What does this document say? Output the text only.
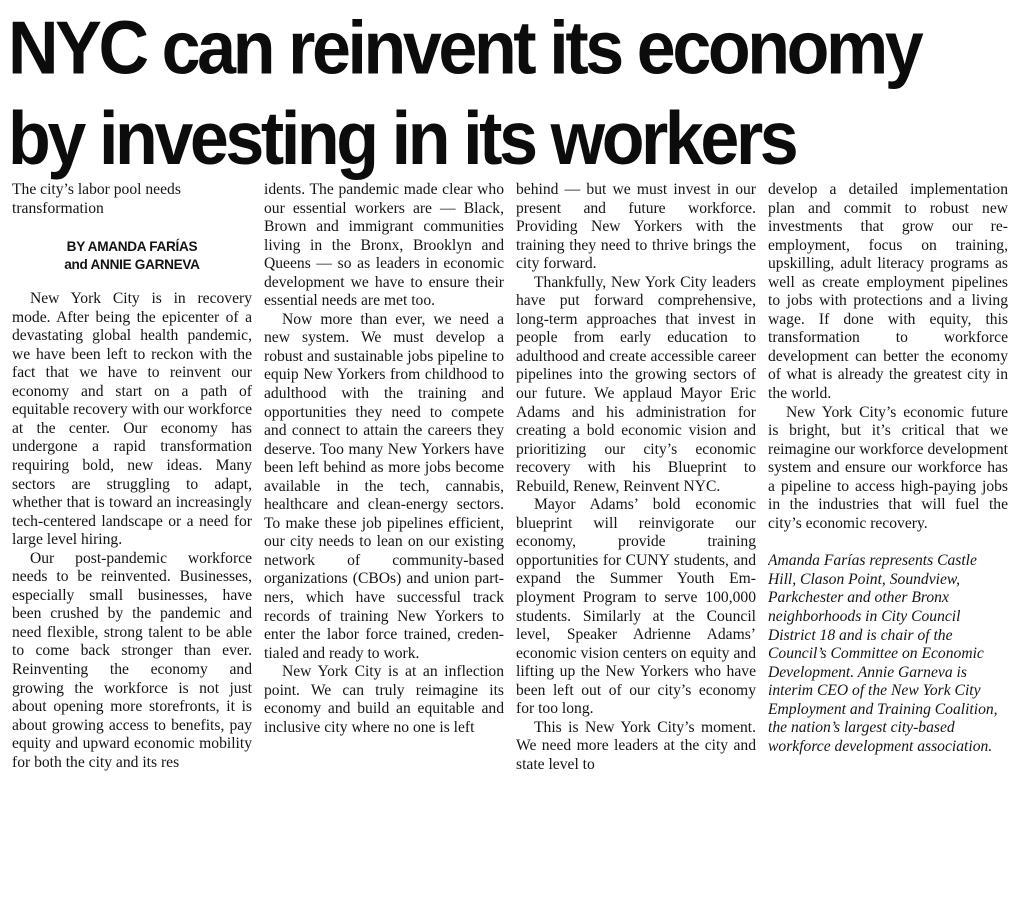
NYC can reinvent its economy
by investing in its workers
The city’s labor pool needs transformation
BY AMANDA FARÍAS
and ANNIE GARNEVA

New York City is in recovery mode. After being the epicenter of a devastating global health pandemic, we have been left to reckon with the fact that we have to reinvent our economy and start on a path of equitable recovery with our workforce at the center. Our economy has undergone a rapid transformation requiring bold, new ideas. Many sectors are struggling to adapt, whether that is toward an increasingly tech-centered landscape or a need for large level hiring.

Our post-pandemic workforce needs to be reinvented. Businesses, especially small businesses, have been crushed by the pandemic and need flexible, strong talent to be able to come back stronger than ever. Reinventing the economy and growing the workforce is not just about opening more storefronts, it is about growing access to benefits, pay equity and upward economic mobility for both the city and its res

idents. The pandemic made clear who our essential workers are — Black, Brown and immigrant communities living in the Bronx, Brooklyn and Queens — so as leaders in economic development we have to ensure their essential needs are met too.

Now more than ever, we need a new system. We must develop a robust and sustainable jobs pipeline to equip New Yorkers from childhood to adulthood with the training and opportunities they need to compete and connect to attain the careers they deserve. Too many New Yorkers have been left behind as more jobs become available in the tech, cannabis, healthcare and clean-energy sectors. To make these job pipelines efficient, our city needs to lean on our existing network of community-based organizations (CBOs) and union partners, which have successful track records of training New Yorkers to enter the labor force trained, credentialed and ready to work.

New York City is at an inflection point. We can truly reimagine its economy and build an equitable and inclusive city where no one is left

behind — but we must invest in our present and future workforce. Providing New Yorkers with the training they need to thrive brings the city forward.

Thankfully, New York City leaders have put forward comprehensive, long-term approaches that invest in people from early education to adulthood and create accessible career pipelines into the growing sectors of our future. We applaud Mayor Eric Adams and his administration for creating a bold economic vision and prioritizing our city’s economic recovery with his Blueprint to Rebuild, Renew, Reinvent NYC.

Mayor Adams’ bold economic blueprint will reinvigorate our economy, provide training opportunities for CUNY students, and expand the Summer Youth Employment Program to serve 100,000 students. Similarly at the Council level, Speaker Adrienne Adams’ economic vision centers on equity and lifting up the New Yorkers who have been left out of our city’s economy for too long.

This is New York City’s moment. We need more leaders at the city and state level to

develop a detailed implementation plan and commit to robust new investments that grow our re-employment, focus on training, upskilling, adult literacy programs as well as create employment pipelines to jobs with protections and a living wage. If done with equity, this transformation to workforce development can better the economy of what is already the greatest city in the world.

New York City’s economic future is bright, but it’s critical that we reimagine our workforce development system and ensure our workforce has a pipeline to access high-paying jobs in the industries that will fuel the city’s economic recovery.

Amanda Farías represents Castle Hill, Clason Point, Soundview, Parkchester and other Bronx neighborhoods in City Council District 18 and is chair of the Council’s Committee on Economic Development. Annie Garneva is interim CEO of the New York City Employment and Training Coalition, the nation’s largest city-based workforce development association.
